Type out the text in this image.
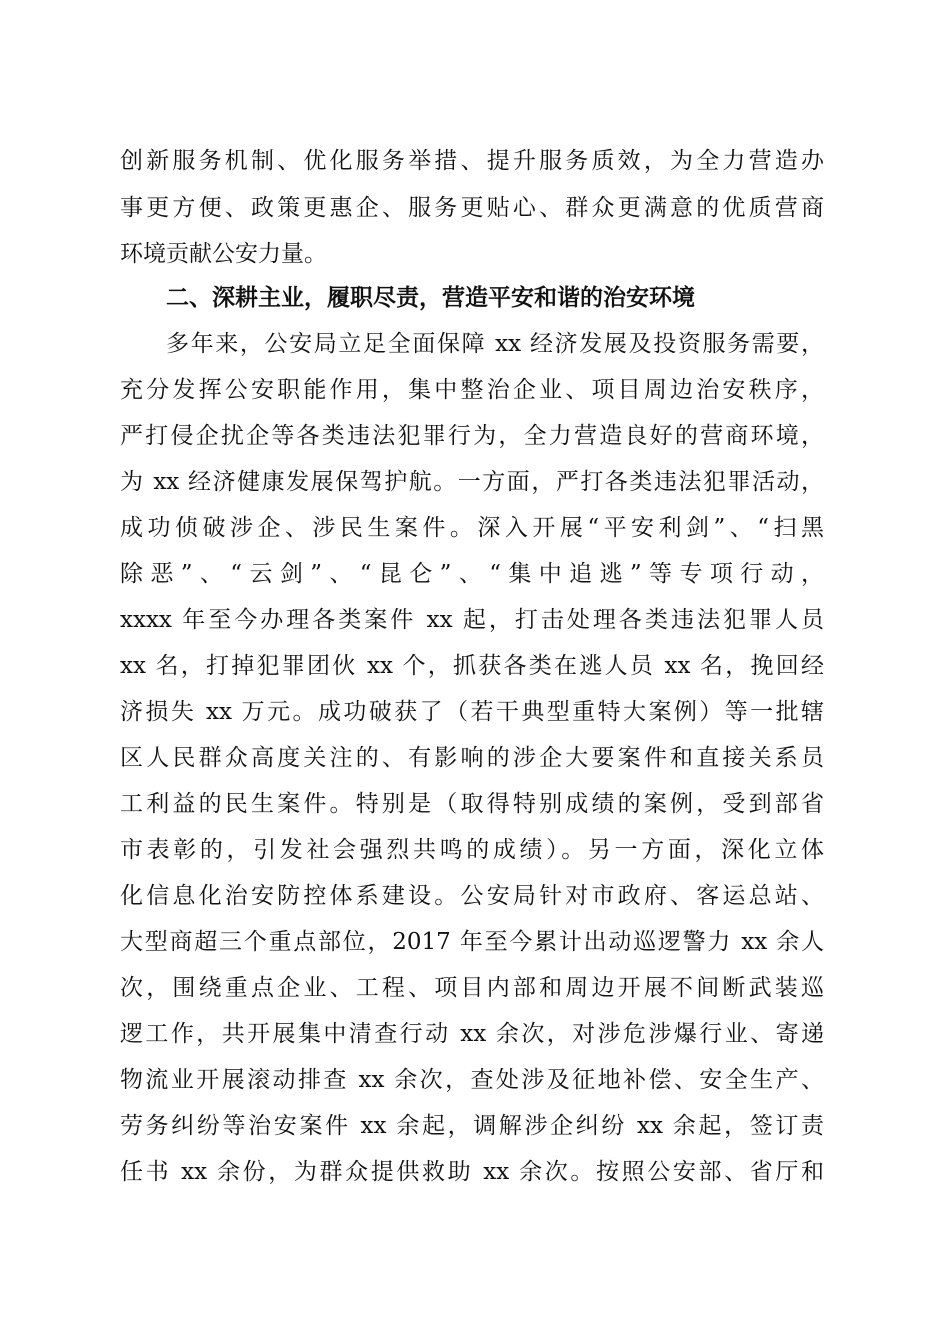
创新服务机制、优化服务举措、提升服务质效，为全力营造办
事更方便、政策更惠企、服务更贴心、群众更满意的优质营商
环境贡献公安力量。
二、深耕主业，履职尽责，营造平安和谐的治安环境
多年来，公安局立足全面保障 xx 经济发展及投资服务需要，
充分发挥公安职能作用，集中整治企业、项目周边治安秩序，
严打侵企扰企等各类违法犯罪行为，全力营造良好的营商环境，
为 xx 经济健康发展保驾护航。一方面，严打各类违法犯罪活动，
成功侦破涉企、涉民生案件。深入开展“平安利剑”、“扫黑
除恶”、“云剑”、“昆仑”、“集中追逃”等专项行动，
xxxx 年至今办理各类案件 xx 起，打击处理各类违法犯罪人员
xx 名，打掉犯罪团伙 xx 个，抓获各类在逃人员 xx 名，挽回经
济损失 xx 万元。成功破获了（若干典型重特大案例）等一批辖
区人民群众高度关注的、有影响的涉企大要案件和直接关系员
工利益的民生案件。特别是（取得特别成绩的案例，受到部省
市表彰的，引发社会强烈共鸣的成绩）。另一方面，深化立体
化信息化治安防控体系建设。公安局针对市政府、客运总站、
大型商超三个重点部位，2017 年至今累计出动巡逻警力 xx 余人
次，围绕重点企业、工程、项目内部和周边开展不间断武装巡
逻工作，共开展集中清查行动 xx 余次，对涉危涉爆行业、寄递
物流业开展滚动排查 xx 余次，查处涉及征地补偿、安全生产、
劳务纠纷等治安案件 xx 余起，调解涉企纠纷 xx 余起，签订责
任书 xx 余份，为群众提供救助 xx 余次。按照公安部、省厅和
